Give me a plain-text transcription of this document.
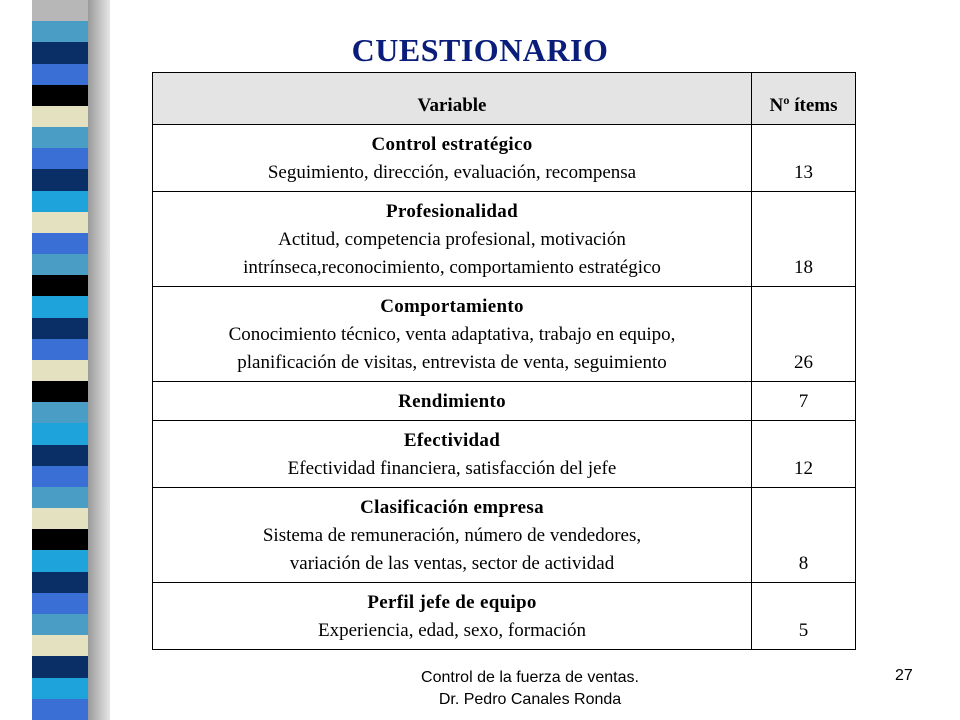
CUESTIONARIO
Variable	Nº ítems

Control estratégico
Seguimiento, dirección, evaluación, recompensa	13

Profesionalidad
Actitud, competencia profesional, motivación
intrínseca,reconocimiento, comportamiento estratégico	18

Comportamiento
Conocimiento técnico, venta adaptativa, trabajo en equipo,
planificación de visitas, entrevista de venta, seguimiento	26

Rendimiento	7

Efectividad
Efectividad financiera, satisfacción del jefe	12

Clasificación empresa
Sistema de remuneración, número de vendedores,
variación de las ventas, sector de actividad	8

Perfil jefe de equipo
Experiencia, edad, sexo, formación	5
Control de la fuerza de ventas.
Dr. Pedro Canales Ronda
27
